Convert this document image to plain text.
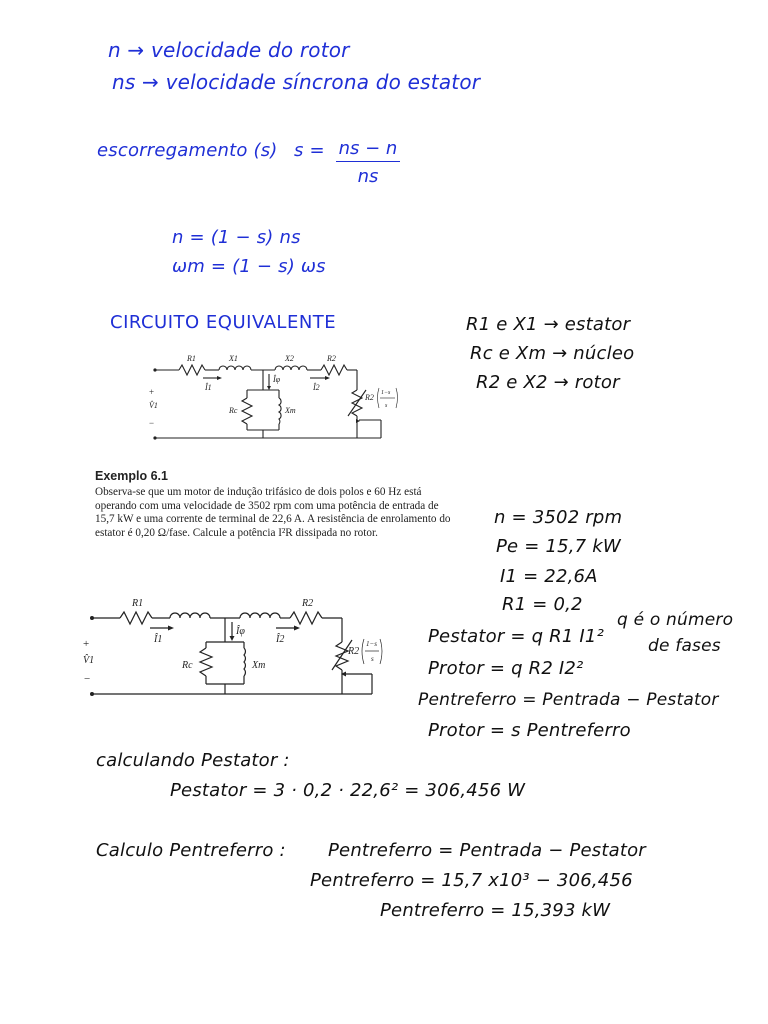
n → velocidade do rotor
ns → velocidade síncrona do estator
escorregamento (s) $s = \frac{ns - n}{ns}$
n = (1 − s) ns
ωm = (1 − s) ωs
CIRCUITO EQUIVALENTE	R1 e X1 → estator
Rc e Xm → núcleo
R2 e X2 → rotor
R1	X1	X2	R2
Î1	Î2
Îφ
Rc	Xm
+
V̂1
−
R2 1−s
s
Exemplo 6.1
Observa-se que um motor de indução trifásico de dois polos e 60 Hz está operando com uma velocidade de 3502 rpm com uma potência de entrada de 15,7 kW e uma corrente de terminal de 22,6 A. A resistência de enrolamento do estator é 0,20 Ω/fase. Calcule a potência I²R dissipada no rotor.
n = 3502 rpm
Pe = 15,7 kW
I1 = 22,6A
R1 = 0,2
R1	R2
Î1	Î2
Îφ
Rc	Xm
+
V̂1
−
R2
1−s
s
Pestator = q R1 I1²
Protor = q R2 I2²
Pentreferro = Pentrada − Pestator
Protor = s Pentreferro
q é o número
de fases
calculando Pestator :
Pestator = 3 · 0,2 · 22,6² = 306,456 W
Calculo Pentreferro : Pentreferro = Pentrada − Pestator
Pentreferro = 15,7 x10³ − 306,456
Pentreferro = 15,393 kW
